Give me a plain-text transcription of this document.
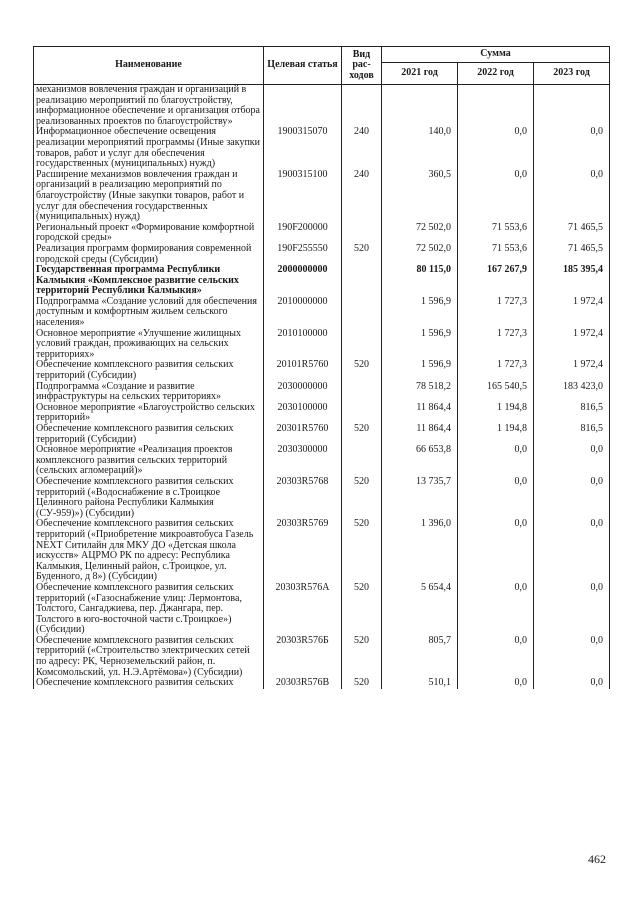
Наименование	Целевая статья	Вид рас-ходов	Сумма		
			2021 год	2022 год	2023 год
механизмов вовлечения граждан и организаций в реализацию мероприятий по благоустройству, информационное обеспечение и организация отбора реализованных проектов по благоустройству»					
Информационное обеспечение освещения реализации мероприятий программы (Иные закупки товаров, работ и услуг для обеспечения государственных (муниципальных) нужд)	1900315070	240	140,0	0,0	0,0
Расширение механизмов вовлечения граждан и организаций в реализацию мероприятий по благоустройству (Иные закупки товаров, работ и услуг для обеспечения государственных (муниципальных) нужд)	1900315100	240	360,5	0,0	0,0
Региональный проект «Формирование комфортной городской среды»	190F200000		72 502,0	71 553,6	71 465,5
Реализация программ формирования современной городской среды (Субсидии)	190F255550	520	72 502,0	71 553,6	71 465,5
Государственная программа Республики Калмыкия «Комплексное развитие сельских территорий Республики Калмыкия»	2000000000		80 115,0	167 267,9	185 395,4
Подпрограмма «Создание условий для обеспечения доступным и комфортным жильем сельского населения»	2010000000		1 596,9	1 727,3	1 972,4
Основное мероприятие «Улучшение жилищных условий граждан, проживающих на сельских территориях»	2010100000		1 596,9	1 727,3	1 972,4
Обеспечение комплексного развития сельских территорий (Субсидии)	20101R5760	520	1 596,9	1 727,3	1 972,4
Подпрограмма «Создание и развитие инфраструктуры на сельских территориях»	2030000000		78 518,2	165 540,5	183 423,0
Основное мероприятие «Благоустройство сельских территорий»	2030100000		11 864,4	1 194,8	816,5
Обеспечение комплексного развития сельских территорий (Субсидии)	20301R5760	520	11 864,4	1 194,8	816,5
Основное мероприятие «Реализация проектов комплексного развития сельских территорий (сельских агломераций)»	2030300000		66 653,8	0,0	0,0
Обеспечение комплексного развития сельских территорий («Водоснабжение в с.Троицкое Целинного района Республики Калмыкия (СУ-959)») (Субсидии)	20303R5768	520	13 735,7	0,0	0,0
Обеспечение комплексного развития сельских территорий («Приобретение микроавтобуса Газель NEXT Ситилайн для МКУ ДО «Детская школа искусств» АЦРМО РК по адресу: Республика Калмыкия, Целинный район, с.Троицкое, ул. Буденного, д 8») (Субсидии)	20303R5769	520	1 396,0	0,0	0,0
Обеспечение комплексного развития сельских территорий («Газоснабжение улиц: Лермонтова, Толстого, Сангаджиева, пер. Джангара, пер. Толстого в юго-восточной части с.Троицкое») (Субсидии)	20303R576А	520	5 654,4	0,0	0,0
Обеспечение комплексного развития сельских территорий («Строительство электрических сетей по адресу: РК, Черноземельский район, п. Комсомольский, ул. Н.Э.Артёмова») (Субсидии)	20303R576Б	520	805,7	0,0	0,0
Обеспечение комплексного развития сельских	20303R576В	520	510,1	0,0	0,0
462
